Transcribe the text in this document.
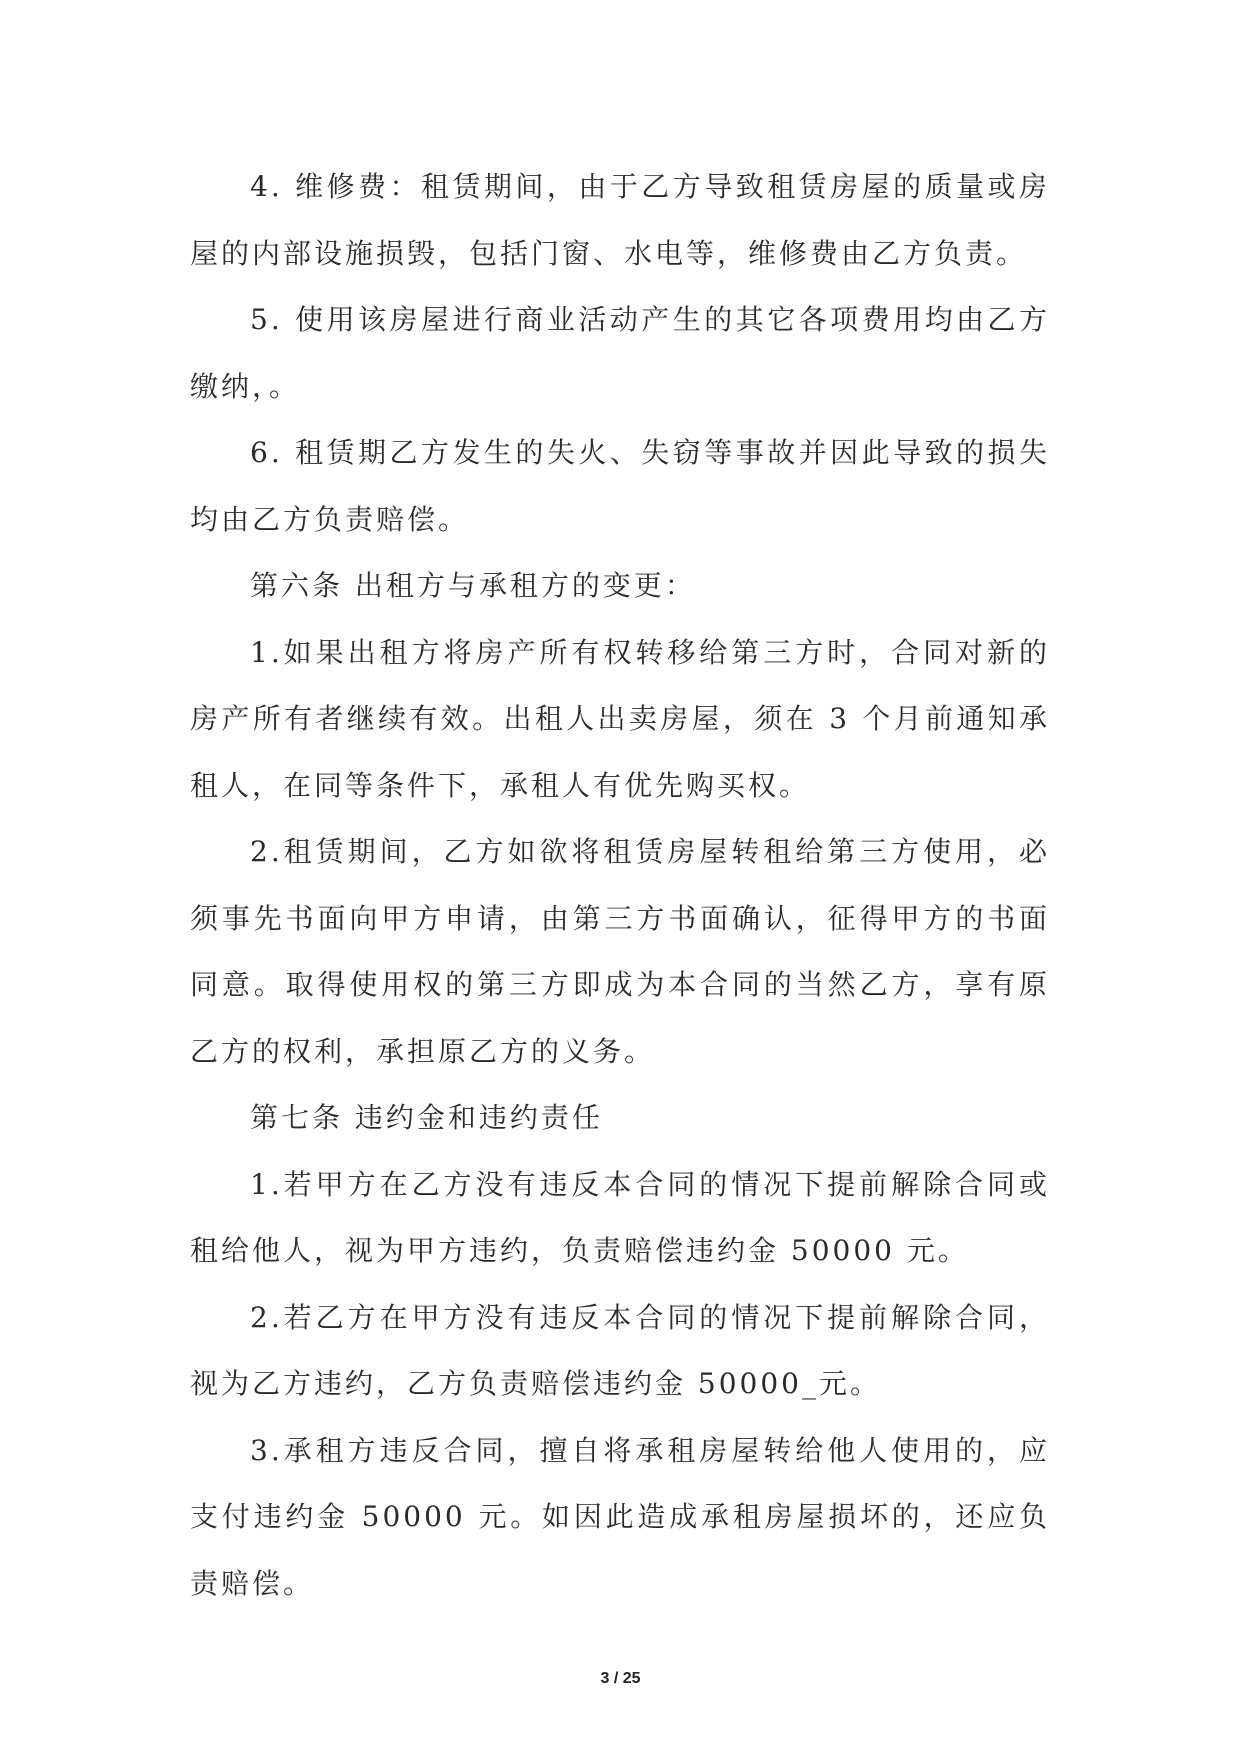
4. 维修费：租赁期间，由于乙方导致租赁房屋的质量或房屋的内部设施损毁，包括门窗、水电等，维修费由乙方负责。

5. 使用该房屋进行商业活动产生的其它各项费用均由乙方缴纳，。

6. 租赁期乙方发生的失火、失窃等事故并因此导致的损失均由乙方负责赔偿。

第六条 出租方与承租方的变更：

1.如果出租方将房产所有权转移给第三方时，合同对新的房产所有者继续有效。出租人出卖房屋，须在 3 个月前通知承租人，在同等条件下，承租人有优先购买权。

2.租赁期间，乙方如欲将租赁房屋转租给第三方使用，必须事先书面向甲方申请，由第三方书面确认，征得甲方的书面同意。取得使用权的第三方即成为本合同的当然乙方，享有原乙方的权利，承担原乙方的义务。

第七条 违约金和违约责任

1.若甲方在乙方没有违反本合同的情况下提前解除合同或租给他人，视为甲方违约，负责赔偿违约金 50000 元。

2.若乙方在甲方没有违反本合同的情况下提前解除合同，视为乙方违约，乙方负责赔偿违约金 50000_元。

3.承租方违反合同，擅自将承租房屋转给他人使用的，应支付违约金 50000 元。如因此造成承租房屋损坏的，还应负责赔偿。

3 / 25
